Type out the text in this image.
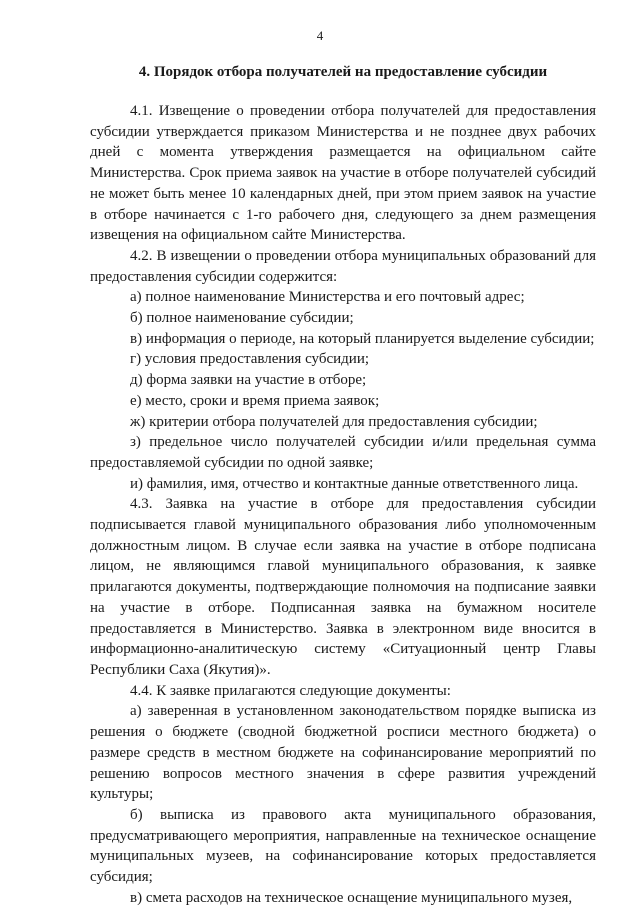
4
4. Порядок отбора получателей на предоставление субсидии

4.1. Извещение о проведении отбора получателей для предоставления субсидии утверждается приказом Министерства и не позднее двух рабочих дней с момента утверждения размещается на официальном сайте Министерства. Срок приема заявок на участие в отборе получателей субсидий не может быть менее 10 календарных дней, при этом прием заявок на участие в отборе начинается с 1-го рабочего дня, следующего за днем размещения извещения на официальном сайте Министерства.

4.2. В извещении о проведении отбора муниципальных образований для предоставления субсидии содержится:

а) полное наименование Министерства и его почтовый адрес;

б) полное наименование субсидии;

в) информация о периоде, на который планируется выделение субсидии;

г) условия предоставления субсидии;

д) форма заявки на участие в отборе;

е) место, сроки и время приема заявок;

ж) критерии отбора получателей для предоставления субсидии;

з) предельное число получателей субсидии и/или предельная сумма предоставляемой субсидии по одной заявке;

и) фамилия, имя, отчество и контактные данные ответственного лица.

4.3. Заявка на участие в отборе для предоставления субсидии подписывается главой муниципального образования либо уполномоченным должностным лицом. В случае если заявка на участие в отборе подписана лицом, не являющимся главой муниципального образования, к заявке прилагаются документы, подтверждающие полномочия на подписание заявки на участие в отборе. Подписанная заявка на бумажном носителе предоставляется в Министерство. Заявка в электронном виде вносится в информационно-аналитическую систему «Ситуационный центр Главы Республики Саха (Якутия)».

4.4. К заявке прилагаются следующие документы:

а) заверенная в установленном законодательством порядке выписка из решения о бюджете (сводной бюджетной росписи местного бюджета) о размере средств в местном бюджете на софинансирование мероприятий по решению вопросов местного значения в сфере развития учреждений культуры;

б) выписка из правового акта муниципального образования, предусматривающего мероприятия, направленные на техническое оснащение муниципальных музеев, на софинансирование которых предоставляется субсидия;

в) смета расходов на техническое оснащение муниципального музея,
